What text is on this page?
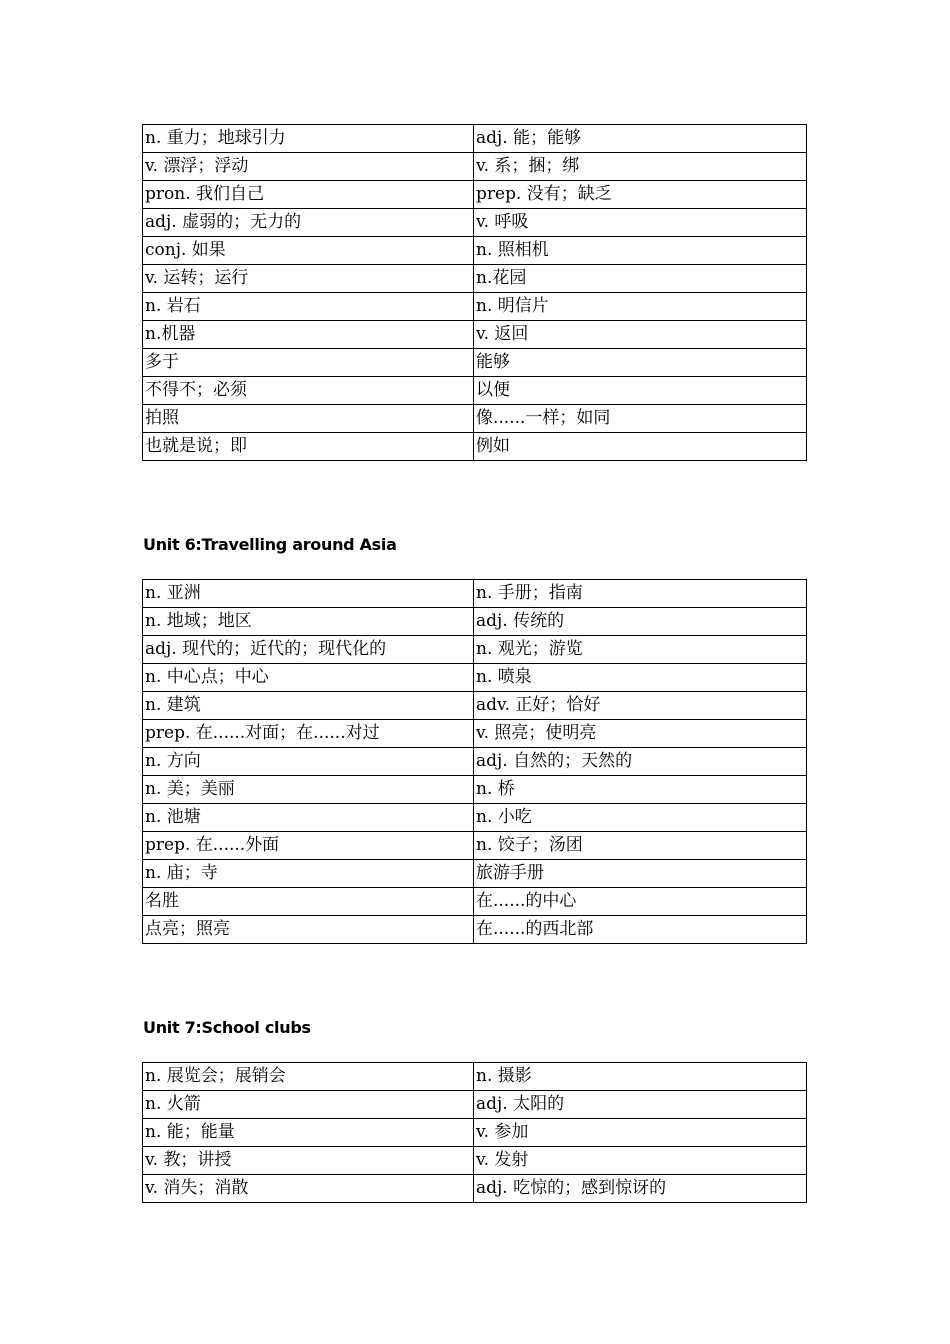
n. 重力；地球引力	adj. 能；能够
v. 漂浮；浮动	v. 系；捆；绑
pron. 我们自己	prep. 没有；缺乏
adj. 虚弱的；无力的	v. 呼吸
conj. 如果	n. 照相机
v. 运转；运行	n.花园
n. 岩石	n. 明信片
n.机器	v. 返回
多于	能够
不得不；必须	以便
拍照	像......一样；如同
也就是说；即	例如
Unit 6:Travelling around Asia
n. 亚洲	n. 手册；指南
n. 地域；地区	adj. 传统的
adj. 现代的；近代的；现代化的	n. 观光；游览
n. 中心点；中心	n. 喷泉
n. 建筑	adv. 正好；恰好
prep. 在......对面；在......对过	v. 照亮；使明亮
n. 方向	adj. 自然的；天然的
n. 美；美丽	n. 桥
n. 池塘	n. 小吃
prep. 在......外面	n. 饺子；汤团
n. 庙；寺	旅游手册
名胜	在......的中心
点亮；照亮	在......的西北部
Unit 7:School clubs
n. 展览会；展销会	n. 摄影
n. 火箭	adj. 太阳的
n. 能；能量	v. 参加
v. 教；讲授	v. 发射
v. 消失；消散	adj. 吃惊的；感到惊讶的
